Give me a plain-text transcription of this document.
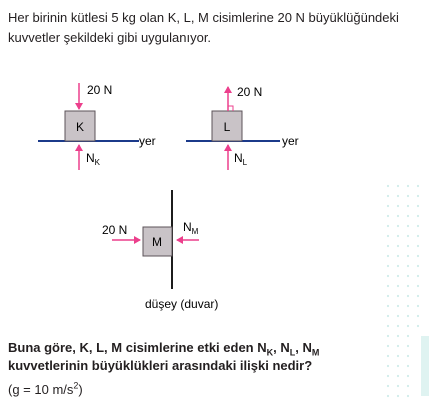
Her birinin kütlesi 5 kg olan K, L, M cisimlerine 20 N büyüklüğündeki kuvvetler şekildeki gibi uygulanıyor.
K
20 N
$N_K$
yer
L
20 N
$N_L$
yer
M
20 N	$N_M$
düşey (duvar)
Buna göre, K, L, M cisimlerine etki eden $N_K$, $N_L$, $N_M$
kuvvetlerinin büyüklükleri arasındaki ilişki nedir?
(g = 10 $m/s^2$)
